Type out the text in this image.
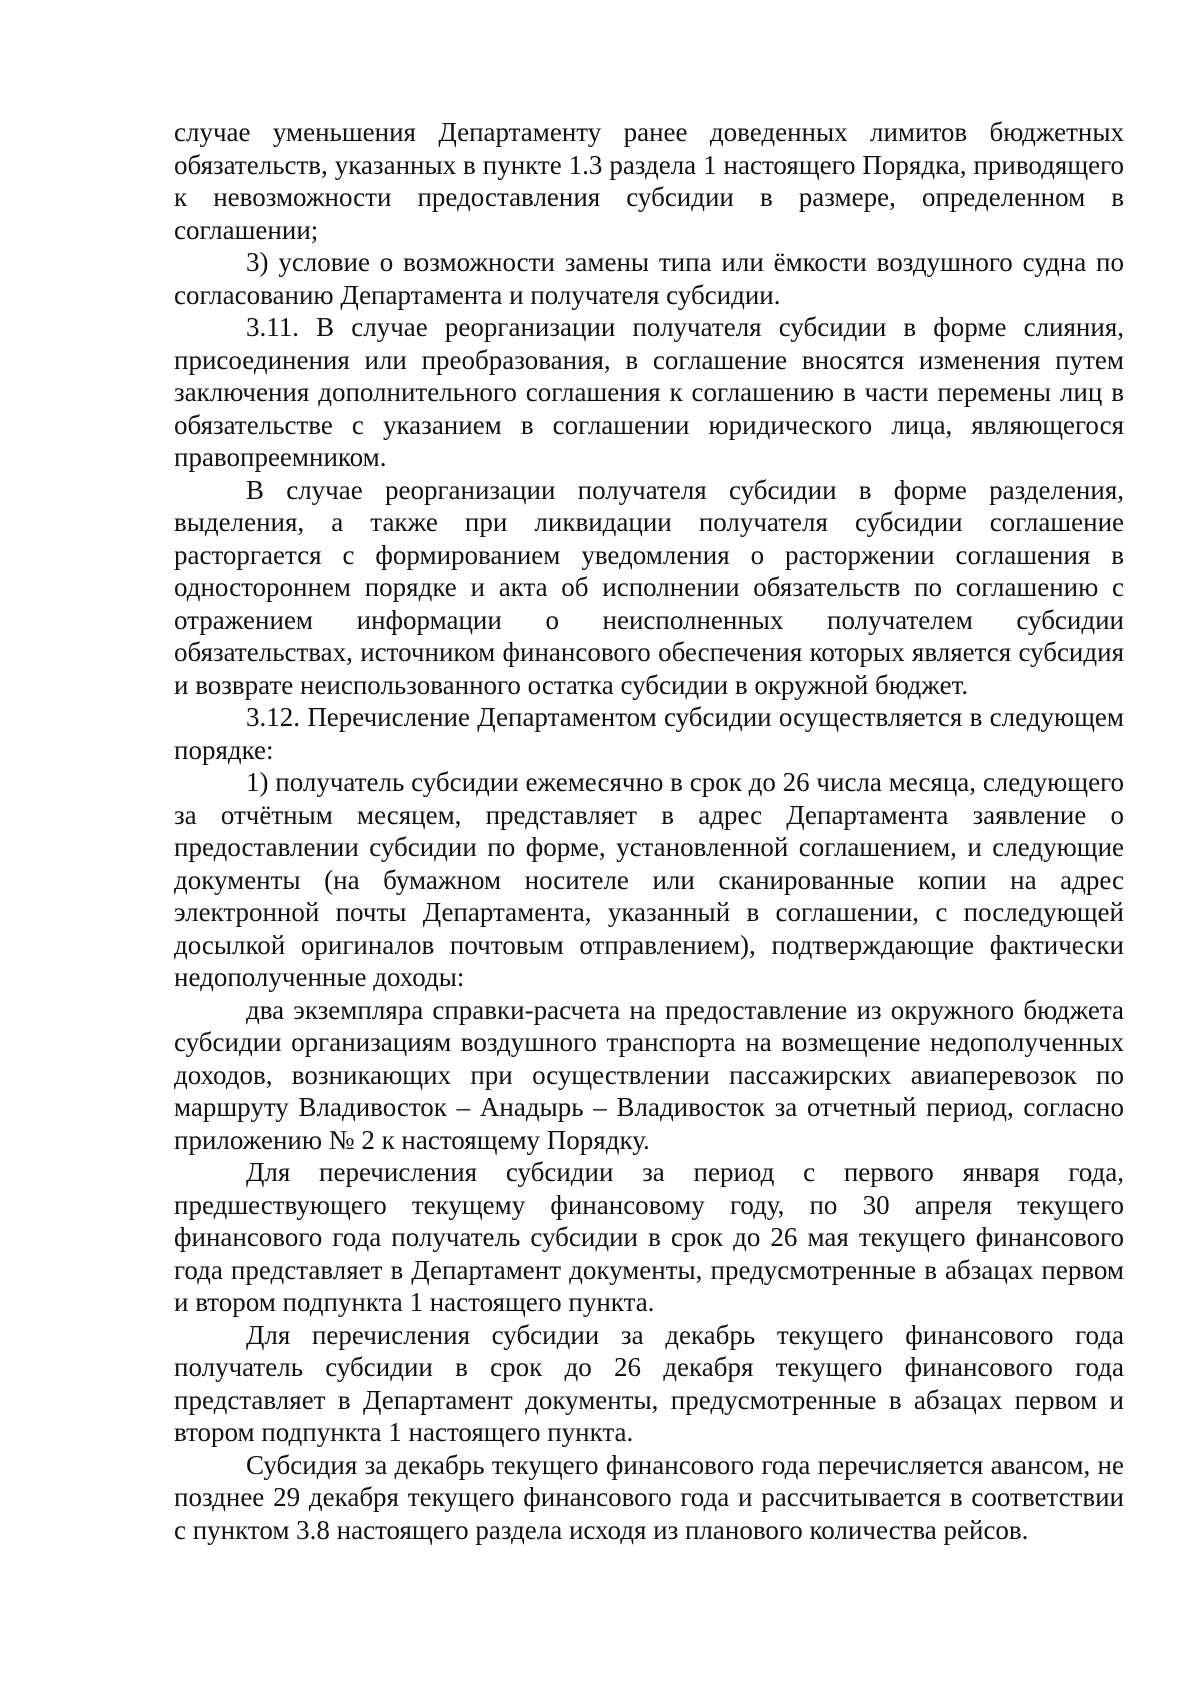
случае уменьшения Департаменту ранее доведенных лимитов бюджетных обязательств, указанных в пункте 1.3 раздела 1 настоящего Порядка, приводящего к невозможности предоставления субсидии в размере, определенном в соглашении;

3) условие о возможности замены типа или ёмкости воздушного судна по согласованию Департамента и получателя субсидии.

3.11. В случае реорганизации получателя субсидии в форме слияния, присоединения или преобразования, в соглашение вносятся изменения путем заключения дополнительного соглашения к соглашению в части перемены лиц в обязательстве с указанием в соглашении юридического лица, являющегося правопреемником.

В случае реорганизации получателя субсидии в форме разделения, выделения, а также при ликвидации получателя субсидии соглашение расторгается с формированием уведомления о расторжении соглашения в одностороннем порядке и акта об исполнении обязательств по соглашению с отражением информации о неисполненных получателем субсидии обязательствах, источником финансового обеспечения которых является субсидия и возврате неиспользованного остатка субсидии в окружной бюджет.

3.12. Перечисление Департаментом субсидии осуществляется в следующем порядке:

1) получатель субсидии ежемесячно в срок до 26 числа месяца, следующего за отчётным месяцем, представляет в адрес Департамента заявление о предоставлении субсидии по форме, установленной соглашением, и следующие документы (на бумажном носителе или сканированные копии на адрес электронной почты Департамента, указанный в соглашении, с последующей досылкой оригиналов почтовым отправлением), подтверждающие фактически недополученные доходы:

два экземпляра справки-расчета на предоставление из окружного бюджета субсидии организациям воздушного транспорта на возмещение недополученных доходов, возникающих при осуществлении пассажирских авиаперевозок по маршруту Владивосток – Анадырь – Владивосток за отчетный период, согласно приложению № 2 к настоящему Порядку.

Для перечисления субсидии за период с первого января года, предшествующего текущему финансовому году, по 30 апреля текущего финансового года получатель субсидии в срок до 26 мая текущего финансового года представляет в Департамент документы, предусмотренные в абзацах первом и втором подпункта 1 настоящего пункта.

Для перечисления субсидии за декабрь текущего финансового года получатель субсидии в срок до 26 декабря текущего финансового года представляет в Департамент документы, предусмотренные в абзацах первом и втором подпункта 1 настоящего пункта.

Субсидия за декабрь текущего финансового года перечисляется авансом, не позднее 29 декабря текущего финансового года и рассчитывается в соответствии с пунктом 3.8 настоящего раздела исходя из планового количества рейсов.
